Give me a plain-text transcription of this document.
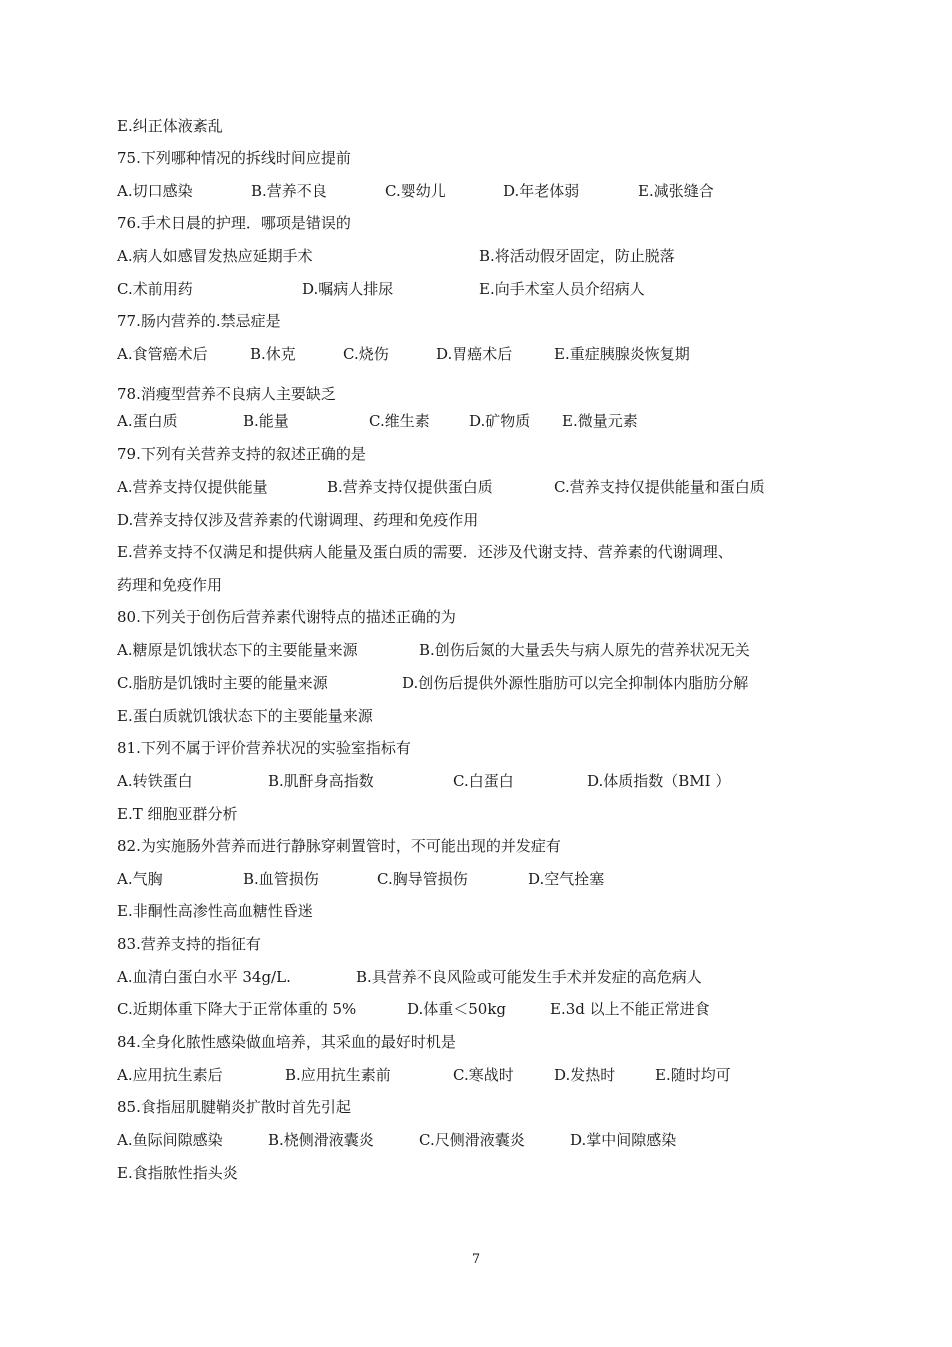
E.纠正体液紊乱
75.下列哪种情况的拆线时间应提前
A.切口感染	B.营养不良	C.婴幼儿	D.年老体弱	E.减张缝合
76.手术日晨的护理．哪项是错误的
A.病人如感冒发热应延期手术	B.将活动假牙固定，防止脱落
C.术前用药	D.嘱病人排尿	E.向手术室人员介绍病人
77.肠内营养的.禁忌症是
A.食管癌术后	B.休克	C.烧伤	D.胃癌术后	E.重症胰腺炎恢复期
78.消瘦型营养不良病人主要缺乏
A.蛋白质	B.能量	C.维生素	D.矿物质 E.微量元素
79.下列有关营养支持的叙述正确的是
A.营养支持仅提供能量	B.营养支持仅提供蛋白质	C.营养支持仅提供能量和蛋白质
D.营养支持仅涉及营养素的代谢调理、药理和免疫作用
E.营养支持不仅满足和提供病人能量及蛋白质的需要．还涉及代谢支持、营养素的代谢调理、
药理和免疫作用
80.下列关于创伤后营养素代谢特点的描述正确的为
A.糖原是饥饿状态下的主要能量来源	B.创伤后氮的大量丢失与病人原先的营养状况无关
C.脂肪是饥饿时主要的能量来源	D.创伤后提供外源性脂肪可以完全抑制体内脂肪分解
E.蛋白质就饥饿状态下的主要能量来源
81.下列不属于评价营养状况的实验室指标有
A.转铁蛋白	B.肌酐身高指数	C.白蛋白	D.体质指数（BMI ）
E.T 细胞亚群分析
82.为实施肠外营养而进行静脉穿刺置管时，不可能出现的并发症有
A.气胸	B.血管损伤	C.胸导管损伤	D.空气拴塞
E.非酮性高渗性高血糖性昏迷
83.营养支持的指征有
A.血清白蛋白水平 34g/L.	B.具营养不良风险或可能发生手术并发症的高危病人
C.近期体重下降大于正常体重的 5%	D.体重＜50kg	E.3d 以上不能正常进食
84.全身化脓性感染做血培养，其采血的最好时机是
A.应用抗生素后	B.应用抗生素前	C.寒战时	D.发热时	E.随时均可
85.食指屈肌腱鞘炎扩散时首先引起
A.鱼际间隙感染	B.桡侧滑液囊炎	C.尺侧滑液囊炎	D.掌中间隙感染
E.食指脓性指头炎
7
